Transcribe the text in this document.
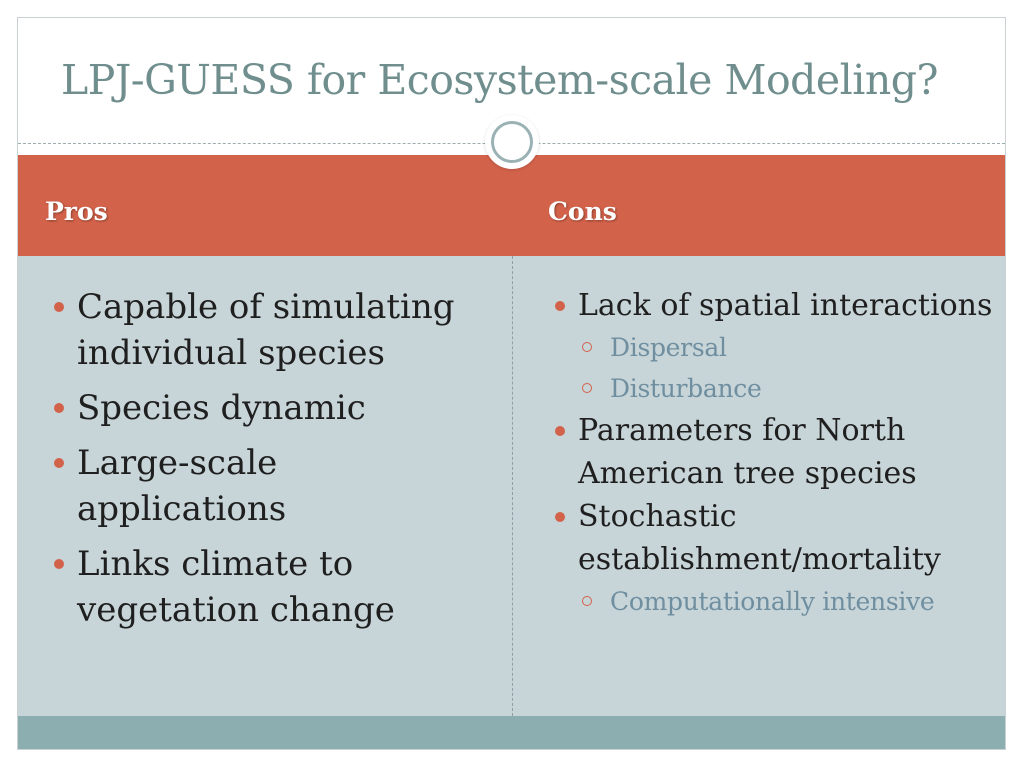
LPJ-GUESS for Ecosystem-scale Modeling?
Pros	Cons
Capable of simulating individual species
Species dynamic
Large-scale applications
Links climate to vegetation change
Lack of spatial interactions
Dispersal
Disturbance
Parameters for North American tree species
Stochastic establishment/mortality
Computationally intensive
